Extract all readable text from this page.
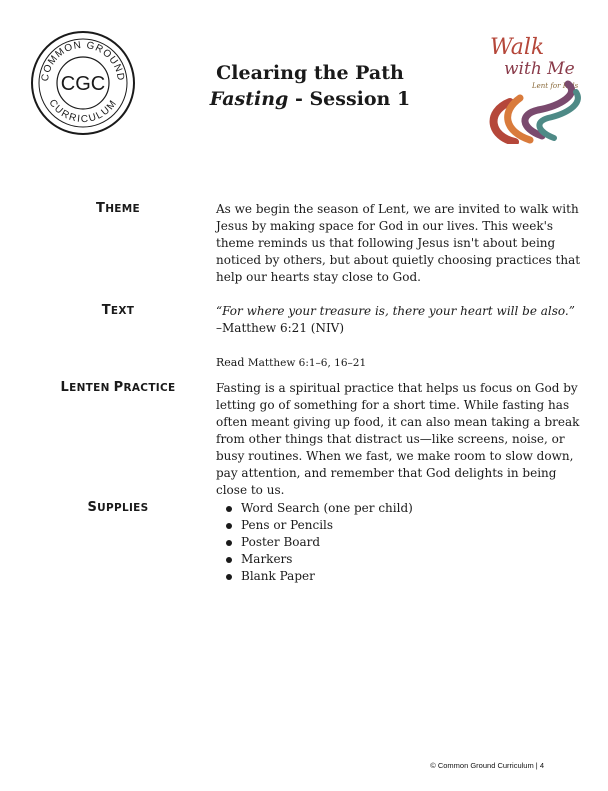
COMMON GROUND
CURRICULUM
CGC	Clearing the Path
Fasting - Session 1
Walk
with Me
Lent for Kids
THEME	As we begin the season of Lent, we are invited to walk with Jesus by making space for God in our lives. This week's theme reminds us that following Jesus isn't about being noticed by others, but about quietly choosing practices that help our hearts stay close to God.
TEXT	“For where your treasure is, there your heart will be also.”
–Matthew 6:21 (NIV)
Read Matthew 6:1–6, 16–21
LENTEN PRACTICE	Fasting is a spiritual practice that helps us focus on God by letting go of something for a short time. While fasting has often meant giving up food, it can also mean taking a break from other things that distract us—like screens, noise, or busy routines. When we fast, we make room to slow down, pay attention, and remember that God delights in being close to us.
SUPPLIES	Word Search (one per child)
Pens or Pencils
Poster Board
Markers
Blank Paper
© Common Ground Curriculum | 4
